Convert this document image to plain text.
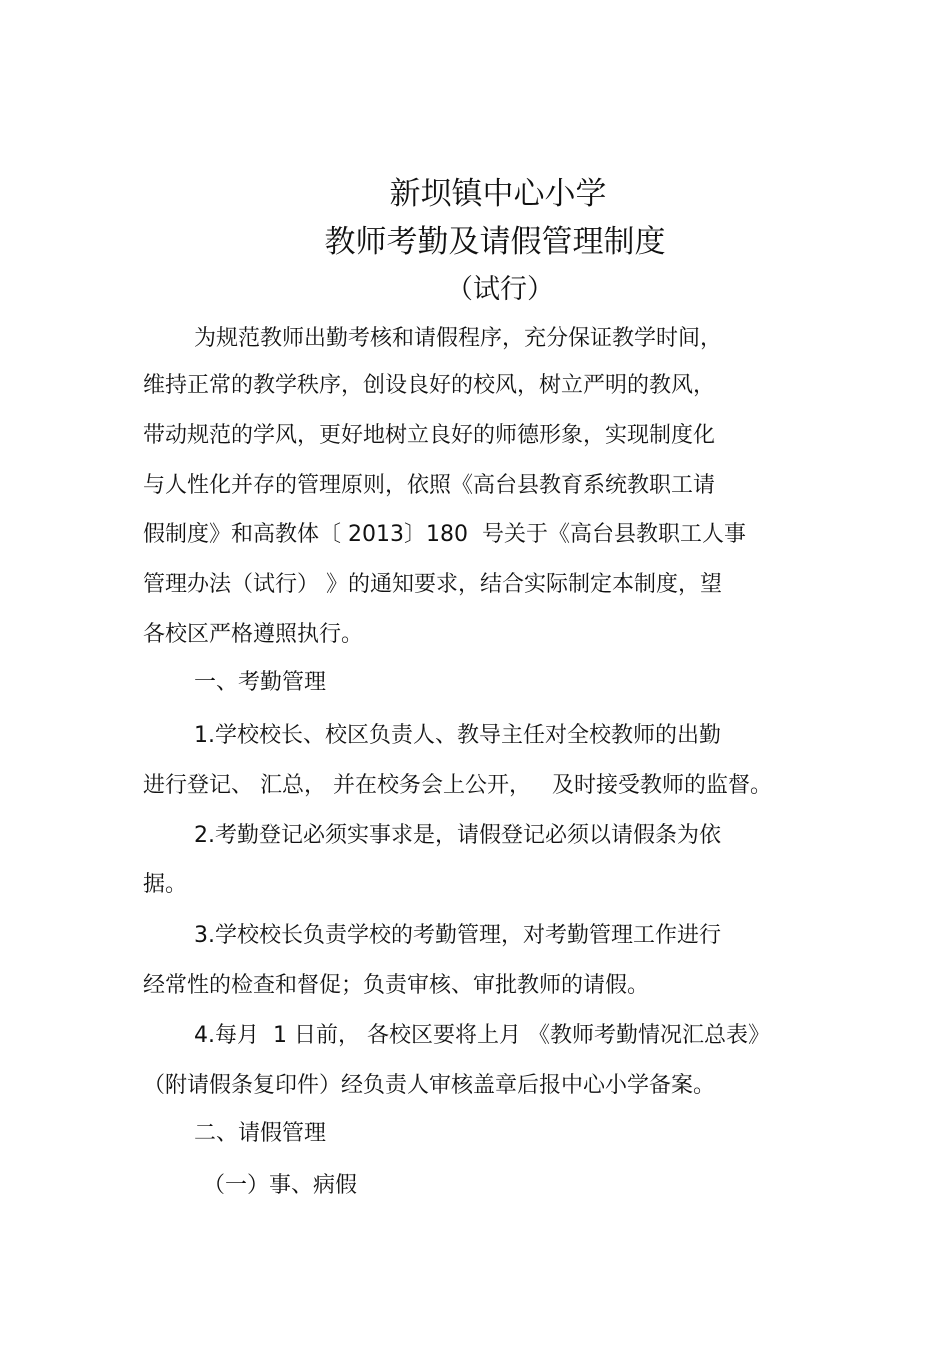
新坝镇中心小学
教师考勤及请假管理制度
（试行）
为规范教师出勤考核和请假程序，充分保证教学时间，
维持正常的教学秩序，创设良好的校风，树立严明的教风，
带动规范的学风，更好地树立良好的师德形象，实现制度化
与人性化并存的管理原则，依照《高台县教育系统教职工请
假制度》和高教体〔 2013〕180  号关于《高台县教职工人事
管理办法（试行） 》的通知要求，结合实际制定本制度，望
各校区严格遵照执行。
一、考勤管理
1.学校校长、校区负责人、教导主任对全校教师的出勤
进行登记、 汇总， 并在校务会上公开，   及时接受教师的监督。
2.考勤登记必须实事求是，请假登记必须以请假条为依
据。
3.学校校长负责学校的考勤管理，对考勤管理工作进行
经常性的检查和督促；负责审核、审批教师的请假。
4.每月  1 日前， 各校区要将上月 《教师考勤情况汇总表》
（附请假条复印件）经负责人审核盖章后报中心小学备案。
二、请假管理
（一）事、病假
